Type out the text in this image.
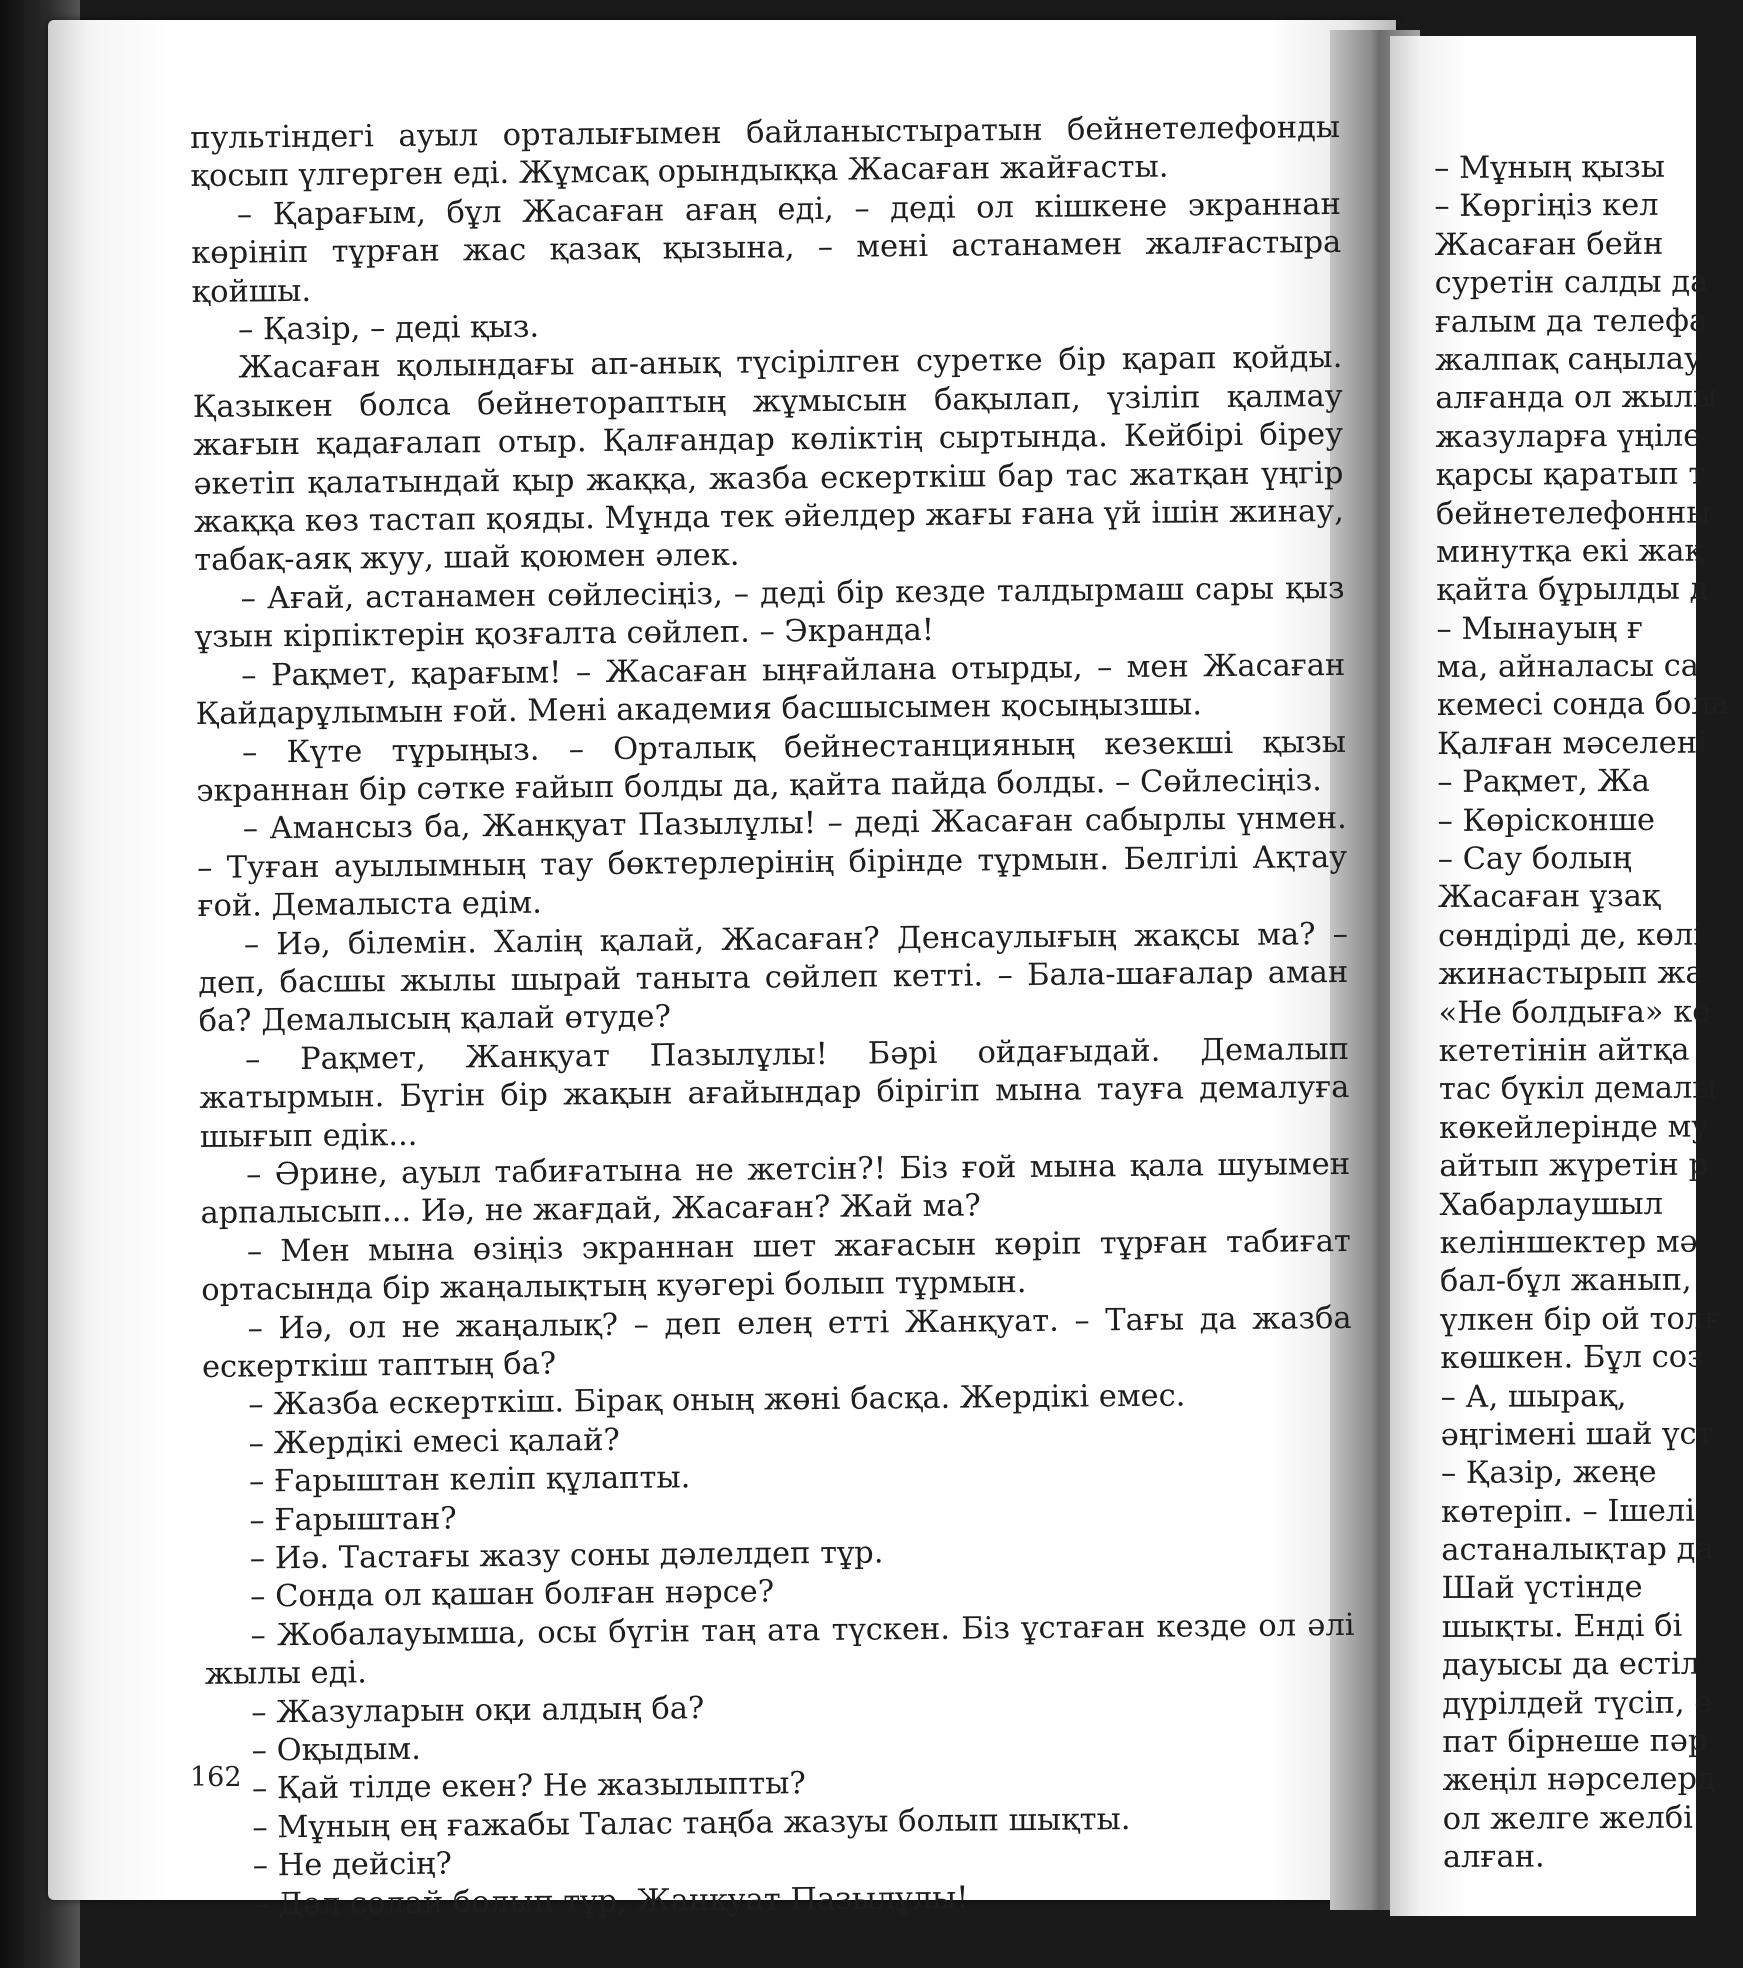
пультіндегі ауыл орталығымен байланыстыратын бейнетелефонды қосып үлгерген еді. Жұмсақ орындыққа Жасаған жайғасты.

– Қарағым, бұл Жасаған ағаң еді, – деді ол кішкене экраннан көрініп тұрған жас қазақ қызына, – мені астанамен жалғастыра қойшы.

– Қазір, – деді қыз.

Жасаған қолындағы ап-анық түсірілген суретке бір қарап қойды. Қазыкен болса бейнеторaптың жұмысын бақылап, үзіліп қалмау жағын қадағалап отыр. Қалғандар көліктің сыртында. Кейбірі біреу әкетіп қалатындай қыр жаққа, жазба ескерткіш бар тас жатқан үңгір жаққа көз тастап қояды. Мұнда тек әйелдер жағы ғана үй ішін жинау, табақ-аяқ жуу, шай қоюмен әлек.

– Ағай, астанамен сөйлесіңіз, – деді бір кезде талдырмаш сары қыз ұзын кірпіктерін қозғалта сөйлеп. – Экранда!

– Рақмет, қарағым! – Жасаған ыңғайлана отырды, – мен Жасаған Қайдарұлымын ғой. Мені академия басшысымен қосыңызшы.

– Күте тұрыңыз. – Орталық бейнестанцияның кезекші қызы экраннан бір сәтке ғайып болды да, қайта пайда болды. – Сөйлесіңіз.

– Амансыз ба, Жанқуат Пазылұлы! – деді Жасаған сабырлы үнмен. – Туған ауылымның тау бөктерлерінің бірінде тұрмын. Белгілі Ақтау ғой. Демалыста едім.

– Иә, білемін. Халің қалай, Жасаған? Денсаулығың жақсы ма? – деп, басшы жылы шырай таныта сөйлеп кетті. – Бала-шағалар аман ба? Демалысың қалай өтуде?

– Рақмет, Жанқуат Пазылұлы! Бәрі ойдағыдай. Демалып жатырмын. Бүгін бір жақын ағайындар бірігіп мына тауға демалуға шығып едік...

– Әрине, ауыл табиғатына не жетсін?! Біз ғой мына қала шуымен арпалысып... Иә, не жағдай, Жасаған? Жай ма?

– Мен мына өзіңіз экраннан шет жағасын көріп тұрған табиғат ортасында бір жаңалықтың куәгері болып тұрмын.

– Иә, ол не жаңалық? – деп елең етті Жанқуат. – Тағы да жазба ескерткіш таптың ба?

– Жазба ескерткіш. Бірақ оның жөні басқа. Жердікі емес.

– Жердікі емесі қалай?

– Ғарыштан келіп құлапты.

– Ғарыштан?

– Иә. Тастағы жазу соны дәлелдеп тұр.

– Сонда ол қашан болған нәрсе?

– Жобалауымша, осы бүгін таң ата түскен. Біз ұстаған кезде ол әлі жылы еді.

– Жазуларын оқи алдың ба?

– Оқыдым.

– Қай тілде екен? Не жазылыпты?

– Мұның ең ғажабы Талас таңба жазуы болып шықты.

– Не дейсің?

– Дәл солай болып тұр, Жанқуат Пазылұлы!

162
– Мұның қызы
– Көргіңіз кел
Жасаған бейн
суретін салды да
ғалым да телефа
жалпақ саңылау
алғанда ол жылы
жазуларға үңіле
қарсы қаратып т
бейнетелефонны
минутқа екі жақ
қайта бұрылды д
– Мынауың ғ
ма, айналасы са
кемесі сонда бола
Қалған мәселені
– Рақмет, Жа
– Көрісконше
– Сау болың
Жасаған ұзақ
сөндірді де, көлі
жинастырып жа
«Не болдыға» ке
кететінін айтқа
тас бүкіл демалы
көкейлерінде му
айтып жүретін р
Хабарлаушыл
келіншектер мә
бал-бұл жанып,
үлкен бір ой толғ
көшкен. Бұл соз
– А, шырақ,
әңгімені шай үст
– Қазір, жеңе
көтеріп. – Ішелі
астаналықтар да
Шай үстінде
шықты. Енді бі
дауысы да естіл
дүрілдей түсіп, е
пат бірнеше пәр
жеңіл нәрселерд
ол желге желбі
алған.
